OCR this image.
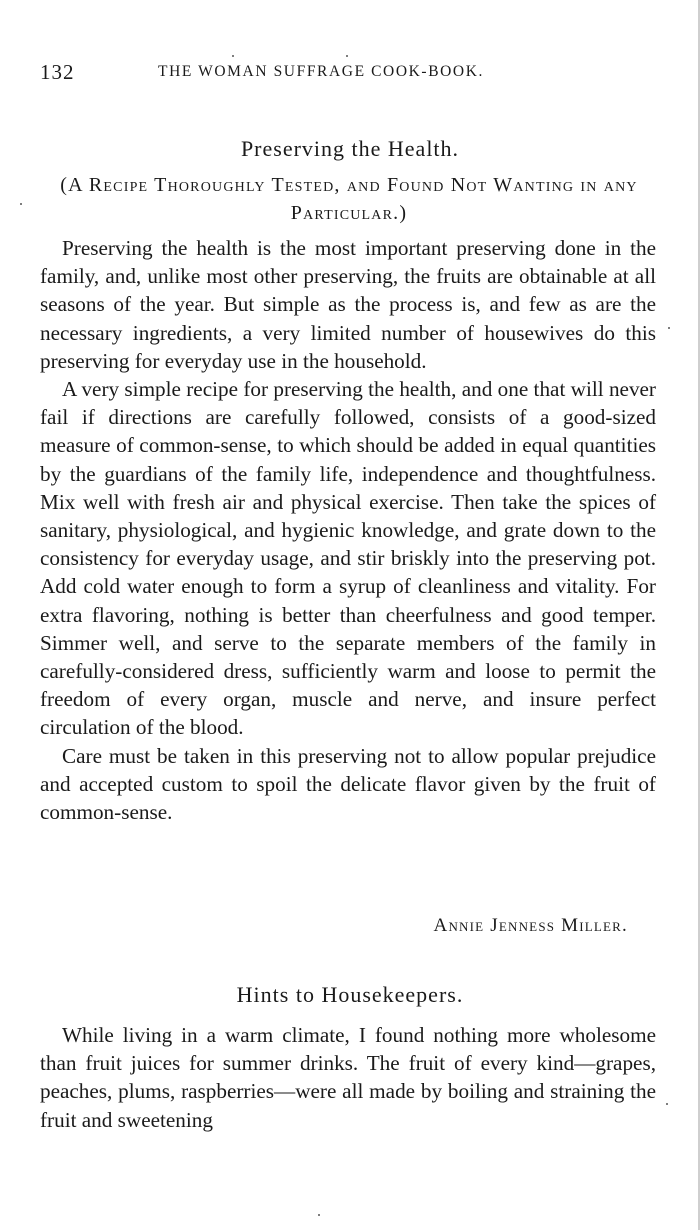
132	THE WOMAN SUFFRAGE COOK-BOOK.
Preserving the Health.
(A Recipe Thoroughly Tested, and Found Not Wanting in any Particular.)

Preserving the health is the most important preserving done in the family, and, unlike most other preserving, the fruits are obtainable at all seasons of the year. But simple as the process is, and few as are the necessary ingredients, a very limited number of housewives do this preserving for everyday use in the household.

A very simple recipe for preserving the health, and one that will never fail if directions are carefully followed, consists of a good-sized measure of common-sense, to which should be added in equal quantities by the guardians of the family life, independence and thoughtfulness. Mix well with fresh air and physical exercise. Then take the spices of sanitary, physiological, and hygienic knowledge, and grate down to the consistency for everyday usage, and stir briskly into the preserving pot. Add cold water enough to form a syrup of cleanliness and vitality. For extra flavoring, nothing is better than cheerfulness and good temper. Simmer well, and serve to the separate members of the family in carefully-considered dress, sufficiently warm and loose to permit the freedom of every organ, muscle and nerve, and insure perfect circulation of the blood.

Care must be taken in this preserving not to allow popular prejudice and accepted custom to spoil the delicate flavor given by the fruit of common-sense.

Annie Jenness Miller.
Hints to Housekeepers.

While living in a warm climate, I found nothing more wholesome than fruit juices for summer drinks. The fruit of every kind—grapes, peaches, plums, raspberries—were all made by boiling and straining the fruit and sweetening
